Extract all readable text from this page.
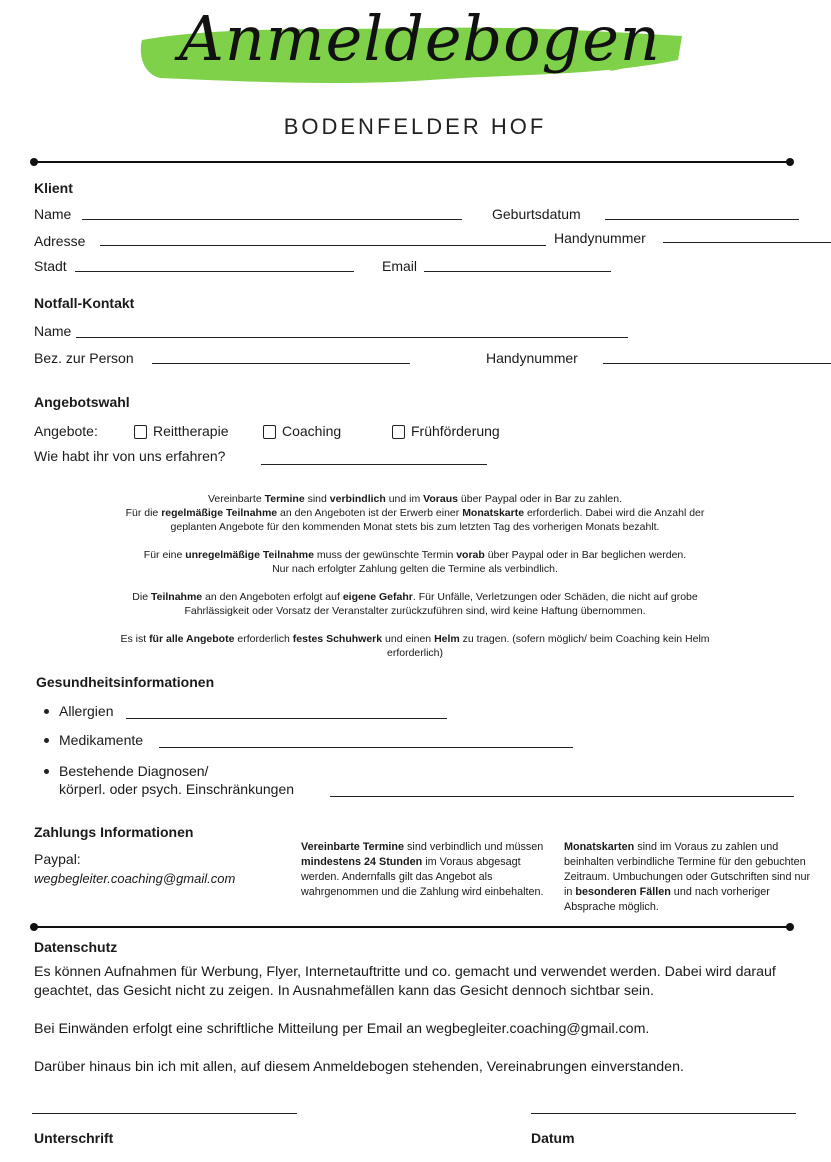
Anmeldebogen
BODENFELDER HOF
Klient
Name	Geburtsdatum
Adresse	Handynummer
Stadt	Email
Notfall-Kontakt
Name
Bez. zur Person	Handynummer
Angebotswahl
Angebote:	Reittherapie	Coaching	Frühförderung
Wie habt ihr von uns erfahren?
Vereinbarte Termine sind verbindlich und im Voraus über Paypal oder in Bar zu zahlen.
Für die regelmäßige Teilnahme an den Angeboten ist der Erwerb einer Monatskarte erforderlich. Dabei wird die Anzahl der
geplanten Angebote für den kommenden Monat stets bis zum letzten Tag des vorherigen Monats bezahlt.
Für eine unregelmäßige Teilnahme muss der gewünschte Termin vorab über Paypal oder in Bar beglichen werden.
Nur nach erfolgter Zahlung gelten die Termine als verbindlich.
Die Teilnahme an den Angeboten erfolgt auf eigene Gefahr. Für Unfälle, Verletzungen oder Schäden, die nicht auf grobe
Fahrlässigkeit oder Vorsatz der Veranstalter zurückzuführen sind, wird keine Haftung übernommen.
Es ist für alle Angebote erforderlich festes Schuhwerk und einen Helm zu tragen. (sofern möglich/ beim Coaching kein Helm
erforderlich)
Gesundheitsinformationen
Allergien
Medikamente
Bestehende Diagnosen/
körperl. oder psych. Einschränkungen
Zahlungs Informationen
Paypal:
wegbegleiter.coaching@gmail.com
Vereinbarte Termine sind verbindlich und müssen mindestens 24 Stunden im Voraus abgesagt werden. Andernfalls gilt das Angebot als wahrgenommen und die Zahlung wird einbehalten.
Monatskarten sind im Voraus zu zahlen und beinhalten verbindliche Termine für den gebuchten Zeitraum. Umbuchungen oder Gutschriften sind nur in besonderen Fällen und nach vorheriger Absprache möglich.
Datenschutz
Es können Aufnahmen für Werbung, Flyer, Internetauftritte und co. gemacht und verwendet werden. Dabei wird darauf geachtet, das Gesicht nicht zu zeigen. In Ausnahmefällen kann das Gesicht dennoch sichtbar sein.
Bei Einwänden erfolgt eine schriftliche Mitteilung per Email an wegbegleiter.coaching@gmail.com.
Darüber hinaus bin ich mit allen, auf diesem Anmeldebogen stehenden, Vereinabrungen einverstanden.
Unterschrift	Datum
